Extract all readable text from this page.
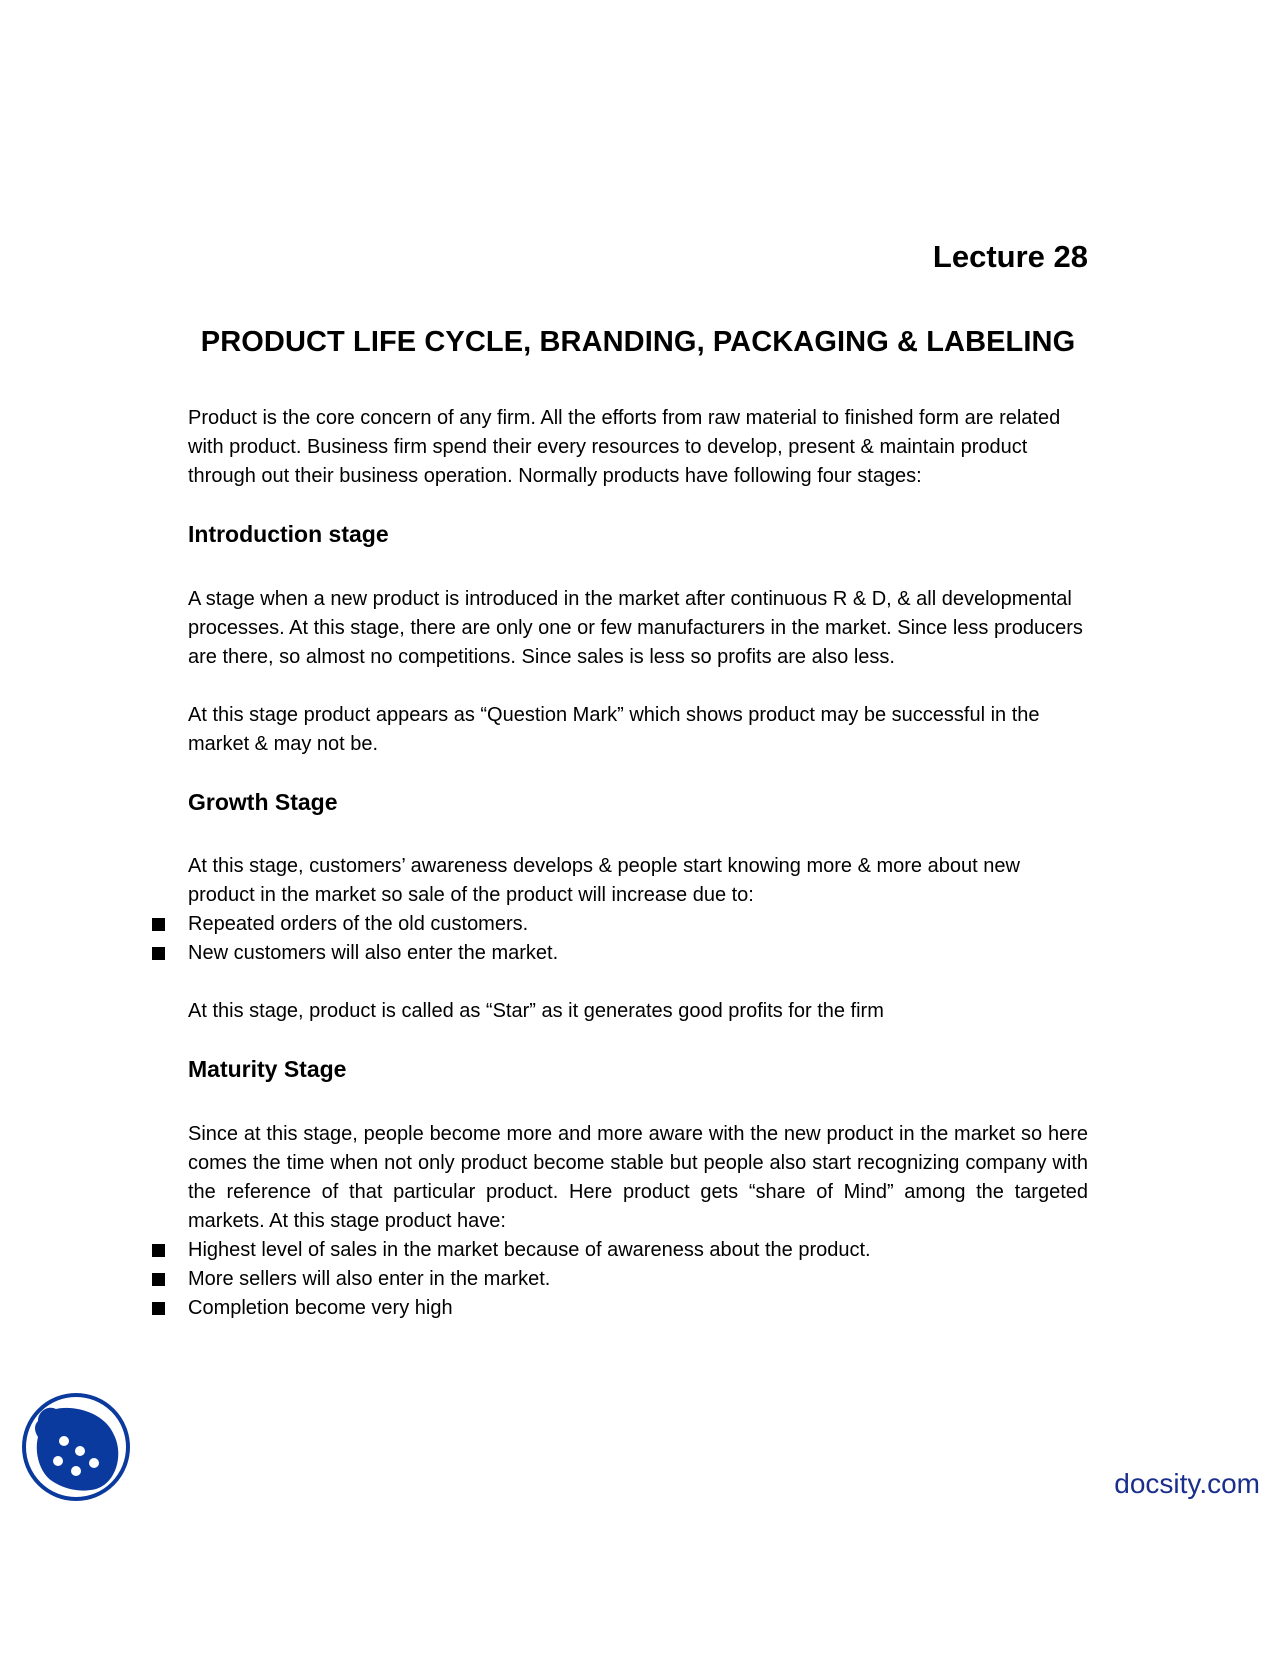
Lecture 28
PRODUCT LIFE CYCLE, BRANDING, PACKAGING & LABELING

Product is the core concern of any firm. All the efforts from raw material to finished form are related with product. Business firm spend their every resources to develop, present & maintain product through out their business operation. Normally products have following four stages:

Introduction stage

A stage when a new product is introduced in the market after continuous R & D, & all developmental processes. At this stage, there are only one or few manufacturers in the market. Since less producers are there, so almost no competitions. Since sales is less so profits are also less.

At this stage product appears as “Question Mark” which shows product may be successful in the market & may not be.

Growth Stage

At this stage, customers’ awareness develops & people start knowing more & more about new product in the market so sale of the product will increase due to:

Repeated orders of the old customers.
New customers will also enter the market.

At this stage, product is called as “Star” as it generates good profits for the firm

Maturity Stage

Since at this stage, people become more and more aware with the new product in the market so here comes the time when not only product become stable but people also start recognizing company with the reference of that particular product. Here product gets “share of Mind” among the targeted markets. At this stage product have:

Highest level of sales in the market because of awareness about the product.
More sellers will also enter in the market.
Completion become very high
docsity.com
